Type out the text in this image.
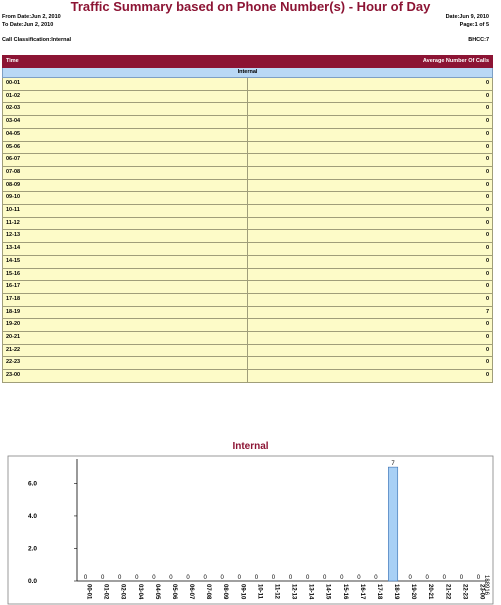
Traffic Summary based on Phone Number(s) - Hour of Day
From Date:Jun 2, 2010
To Date:Jun 2, 2010
Call Classification:Internal
Date:Jun 9, 2010
Page:1 of 5
BHCC:7
Time	Average Number Of Calls
Internal	
00-01	0
01-02	0
02-03	0
03-04	0
04-05	0
05-06	0
06-07	0
07-08	0
08-09	0
09-10	0
10-11	0
11-12	0
12-13	0
13-14	0
14-15	0
15-16	0
16-17	0
17-18	0
18-19	7
19-20	0
20-21	0
21-22	0
22-23	0
23-00	0
Internal
0.0
2.0
4.0
6.0
0
00-01
0
01-02
0
02-03
0
03-04
0
04-05
0
05-06
0
06-07
0
07-08
0
08-09
0
09-10
0
10-11
0
11-12
0
12-13
0
13-14
0
14-15
0
15-16
0
16-17
0
17-18
7
18-19
0
19-20
0
20-21
0
21-22
0
22-23
0
23-00
188916
